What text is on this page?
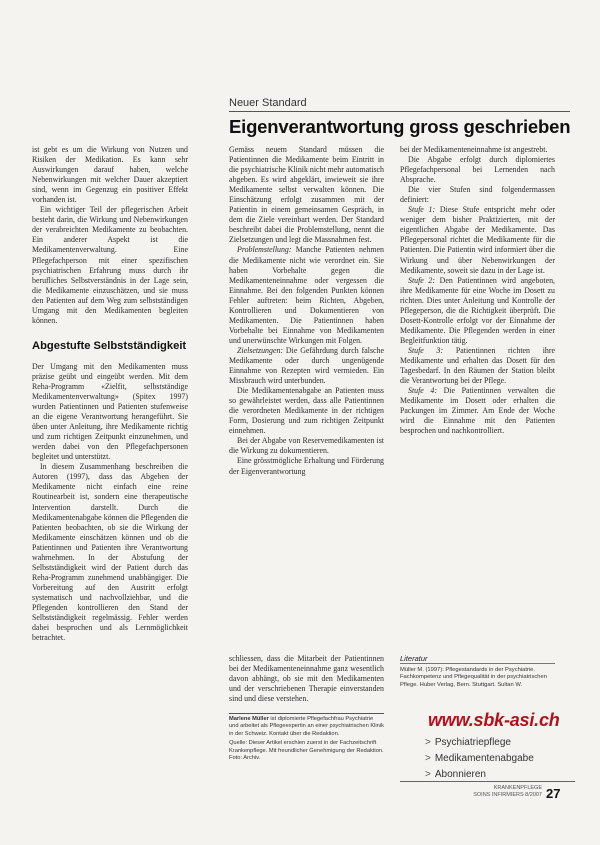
Neuer Standard
Eigenverantwortung gross geschrieben

ist gebt es um die Wirkung von Nutzen und Risiken der Medikation. Es kann sehr Auswirkungen darauf haben, welche Nebenwirkungen mit welcher Dauer akzeptiert sind, wenn im Gegenzug ein positiver Effekt vorhanden ist.

Ein wichtiger Teil der pflegerischen Arbeit besteht darin, die Wirkung und Nebenwirkungen der verabreichten Medikamente zu beobachten. Ein anderer Aspekt ist die Medikamentenverwaltung. Eine Pflegefachperson mit einer spezifischen psychiatrischen Erfahrung muss durch ihr berufliches Selbstverständnis in der Lage sein, die Medikamente einzuschätzen, und sie muss den Patienten auf dem Weg zum selbstständigen Umgang mit den Medikamenten begleiten können.

Abgestufte Selbstständigkeit

Der Umgang mit den Medikamenten muss präzise geübt und eingeübt werden. Mit dem Reha-Programm «Zielfit, selbstständige Medikamentenverwaltung» (Spitex 1997) wurden Patientinnen und Patienten stufenweise an die eigene Verantwortung herangeführt. Sie üben unter Anleitung, ihre Medikamente richtig und zum richtigen Zeitpunkt einzunehmen, und werden dabei von den Pflegefachpersonen begleitet und unterstützt.

In diesem Zusammenhang beschreiben die Autoren (1997), dass das Abgeben der Medikamente nicht einfach eine reine Routinearbeit ist, sondern eine therapeutische Intervention darstellt. Durch die Medikamentenabgabe können die Pflegenden die Patienten beobachten, ob sie die Wirkung der Medikamente einschätzen können und ob die Patientinnen und Patienten ihre Verantwortung wahrnehmen. In der Abstufung der Selbstständigkeit wird der Patient durch das Reha-Programm zunehmend unabhängiger. Die Vorbereitung auf den Austritt erfolgt systematisch und nachvollziehbar, und die Pflegenden kontrollieren den Stand der Selbstständigkeit regelmässig. Fehler werden dabei besprochen und als Lernmöglichkeit betrachtet.

Gemäss neuem Standard müssen die Patientinnen die Medikamente beim Eintritt in die psychiatrische Klinik nicht mehr automatisch abgeben. Es wird abgeklärt, inwieweit sie ihre Medikamente selbst verwalten können. Die Einschätzung erfolgt zusammen mit der Patientin in einem gemeinsamen Gespräch, in dem die Ziele vereinbart werden. Der Standard beschreibt dabei die Problemstellung, nennt die Zielsetzungen und legt die Massnahmen fest.

Problemstellung: Manche Patienten nehmen die Medikamente nicht wie verordnet ein. Sie haben Vorbehalte gegen die Medikamenteneinnahme oder vergessen die Einnahme. Bei den folgenden Punkten können Fehler auftreten: beim Richten, Abgeben, Kontrollieren und Dokumentieren von Medikamenten. Die Patientinnen haben Vorbehalte bei Einnahme von Medikamenten und unerwünschte Wirkungen mit Folgen.

Zielsetzungen: Die Gefährdung durch falsche Medikamente oder durch ungenügende Einnahme von Rezepten wird vermieden. Ein Missbrauch wird unterbunden.

Die Medikamentenabgabe an Patienten muss so gewährleistet werden, dass alle Patientinnen die verordneten Medikamente in der richtigen Form, Dosierung und zum richtigen Zeitpunkt einnehmen.

Bei der Abgabe von Reservemedikamenten ist die Wirkung zu dokumentieren.

Eine grösstmögliche Erhaltung und Förderung der Eigenverantwortung

schliessen, dass die Mitarbeit der Patientinnen bei der Medikamenteneinnahme ganz wesentlich davon abhängt, ob sie mit den Medikamenten und der verschriebenen Therapie einverstanden sind und diese verstehen.

Marlene Müller ist diplomierte Pflegefachfrau Psychiatrie und arbeitet als Pflegeexpertin an einer psychiatrischen Klinik in der Schweiz. Kontakt über die Redaktion.

Quelle: Dieser Artikel erschien zuerst in der Fachzeitschrift Krankenpflege. Mit freundlicher Genehmigung der Redaktion. Foto: Archiv.

bei der Medikamenteneinnahme ist angestrebt.

Die Abgabe erfolgt durch diplomiertes Pflegefachpersonal bei Lernenden nach Absprache.

Die vier Stufen sind folgendermassen definiert:

Stufe 1: Diese Stufe entspricht mehr oder weniger dem bisher Praktizierten, mit der eigentlichen Abgabe der Medikamente. Das Pflegepersonal richtet die Medikamente für die Patienten. Die Patientin wird informiert über die Wirkung und über Nebenwirkungen der Medikamente, soweit sie dazu in der Lage ist.

Stufe 2: Den Patientinnen wird angeboten, ihre Medikamente für eine Woche im Dosett zu richten. Dies unter Anleitung und Kontrolle der Pflegeperson, die die Richtigkeit überprüft. Die Dosett-Kontrolle erfolgt vor der Einnahme der Medikamente. Die Pflegenden werden in einer Begleitfunktion tätig.

Stufe 3: Patientinnen richten ihre Medikamente und erhalten das Dosett für den Tagesbedarf. In den Räumen der Station bleibt die Verantwortung bei der Pflege.

Stufe 4: Die Patientinnen verwalten die Medikamente im Dosett oder erhalten die Packungen im Zimmer. Am Ende der Woche wird die Einnahme mit den Patienten besprochen und nachkontrolliert.

Literatur
Müller M. (1997): Pflegestandards in der Psychiatrie. Fachkompetenz und Pflegequalität in der psychiatrischen Pflege. Huber Verlag, Bern. Stuttgart. Sultan W.
www.sbk-asi.ch
> Psychiatriepflege
> Medikamentenabgabe
> Abonnieren
KRANKENPFLEGE
SOINS INFIRMIERS 8/2007 27
